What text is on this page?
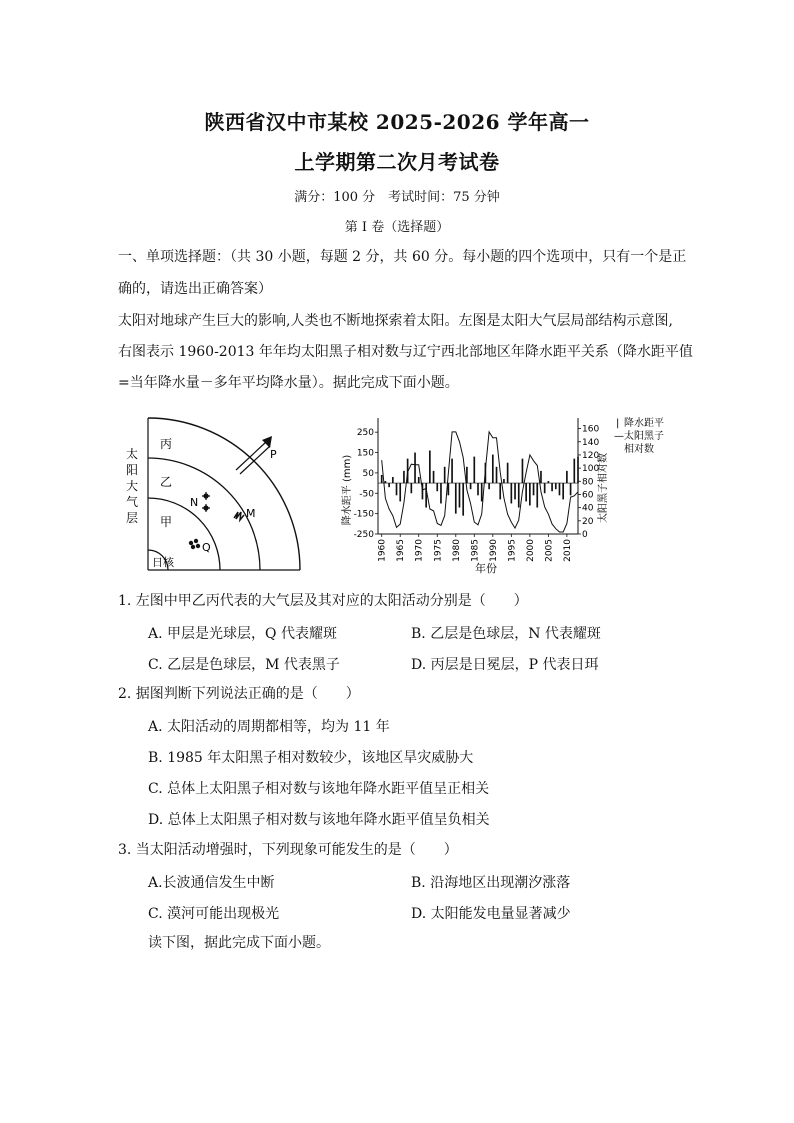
陕西省汉中市某校 2025-2026 学年高一
上学期第二次月考试卷
满分：100 分　考试时间：75 分钟
第 I 卷（选择题）
一、单项选择题：（共 30 小题，每题 2 分，共 60 分。每小题的四个选项中，只有一个是正
确的，请选出正确答案）
太阳对地球产生巨大的影响,人类也不断地探索着太阳。左图是太阳大气层局部结构示意图,
右图表示 1960-2013 年年均太阳黑子相对数与辽宁西北部地区年降水距平关系（降水距平值
=当年降水量－多年平均降水量）。据此完成下面小题。
太
阳
大
气
层
丙
乙
甲
日核
P
M
N
Q
降水距平 (mm)	太阳黑子相对数
| 降水距平
— 太阳黑子
相对数
年份
250
150
50
-50
-150
-250
160
140
120
100
80
60
40
20
0
1960 1965 1970 1975 1980 1985 1990 1995 2000 2005 2010
1. 左图中甲乙丙代表的大气层及其对应的太阳活动分别是（　　）
A. 甲层是光球层，Q 代表耀斑	B. 乙层是色球层，N 代表耀斑
C. 乙层是色球层，M 代表黑子	D. 丙层是日冕层，P 代表日珥
2. 据图判断下列说法正确的是（　　）
A. 太阳活动的周期都相等，均为 11 年
B. 1985 年太阳黑子相对数较少，该地区旱灾威胁大
C. 总体上太阳黑子相对数与该地年降水距平值呈正相关
D. 总体上太阳黑子相对数与该地年降水距平值呈负相关
3. 当太阳活动增强时，下列现象可能发生的是（　　）
A.长波通信发生中断	B. 沿海地区出现潮汐涨落
C. 漠河可能出现极光	D. 太阳能发电量显著减少
读下图，据此完成下面小题。
